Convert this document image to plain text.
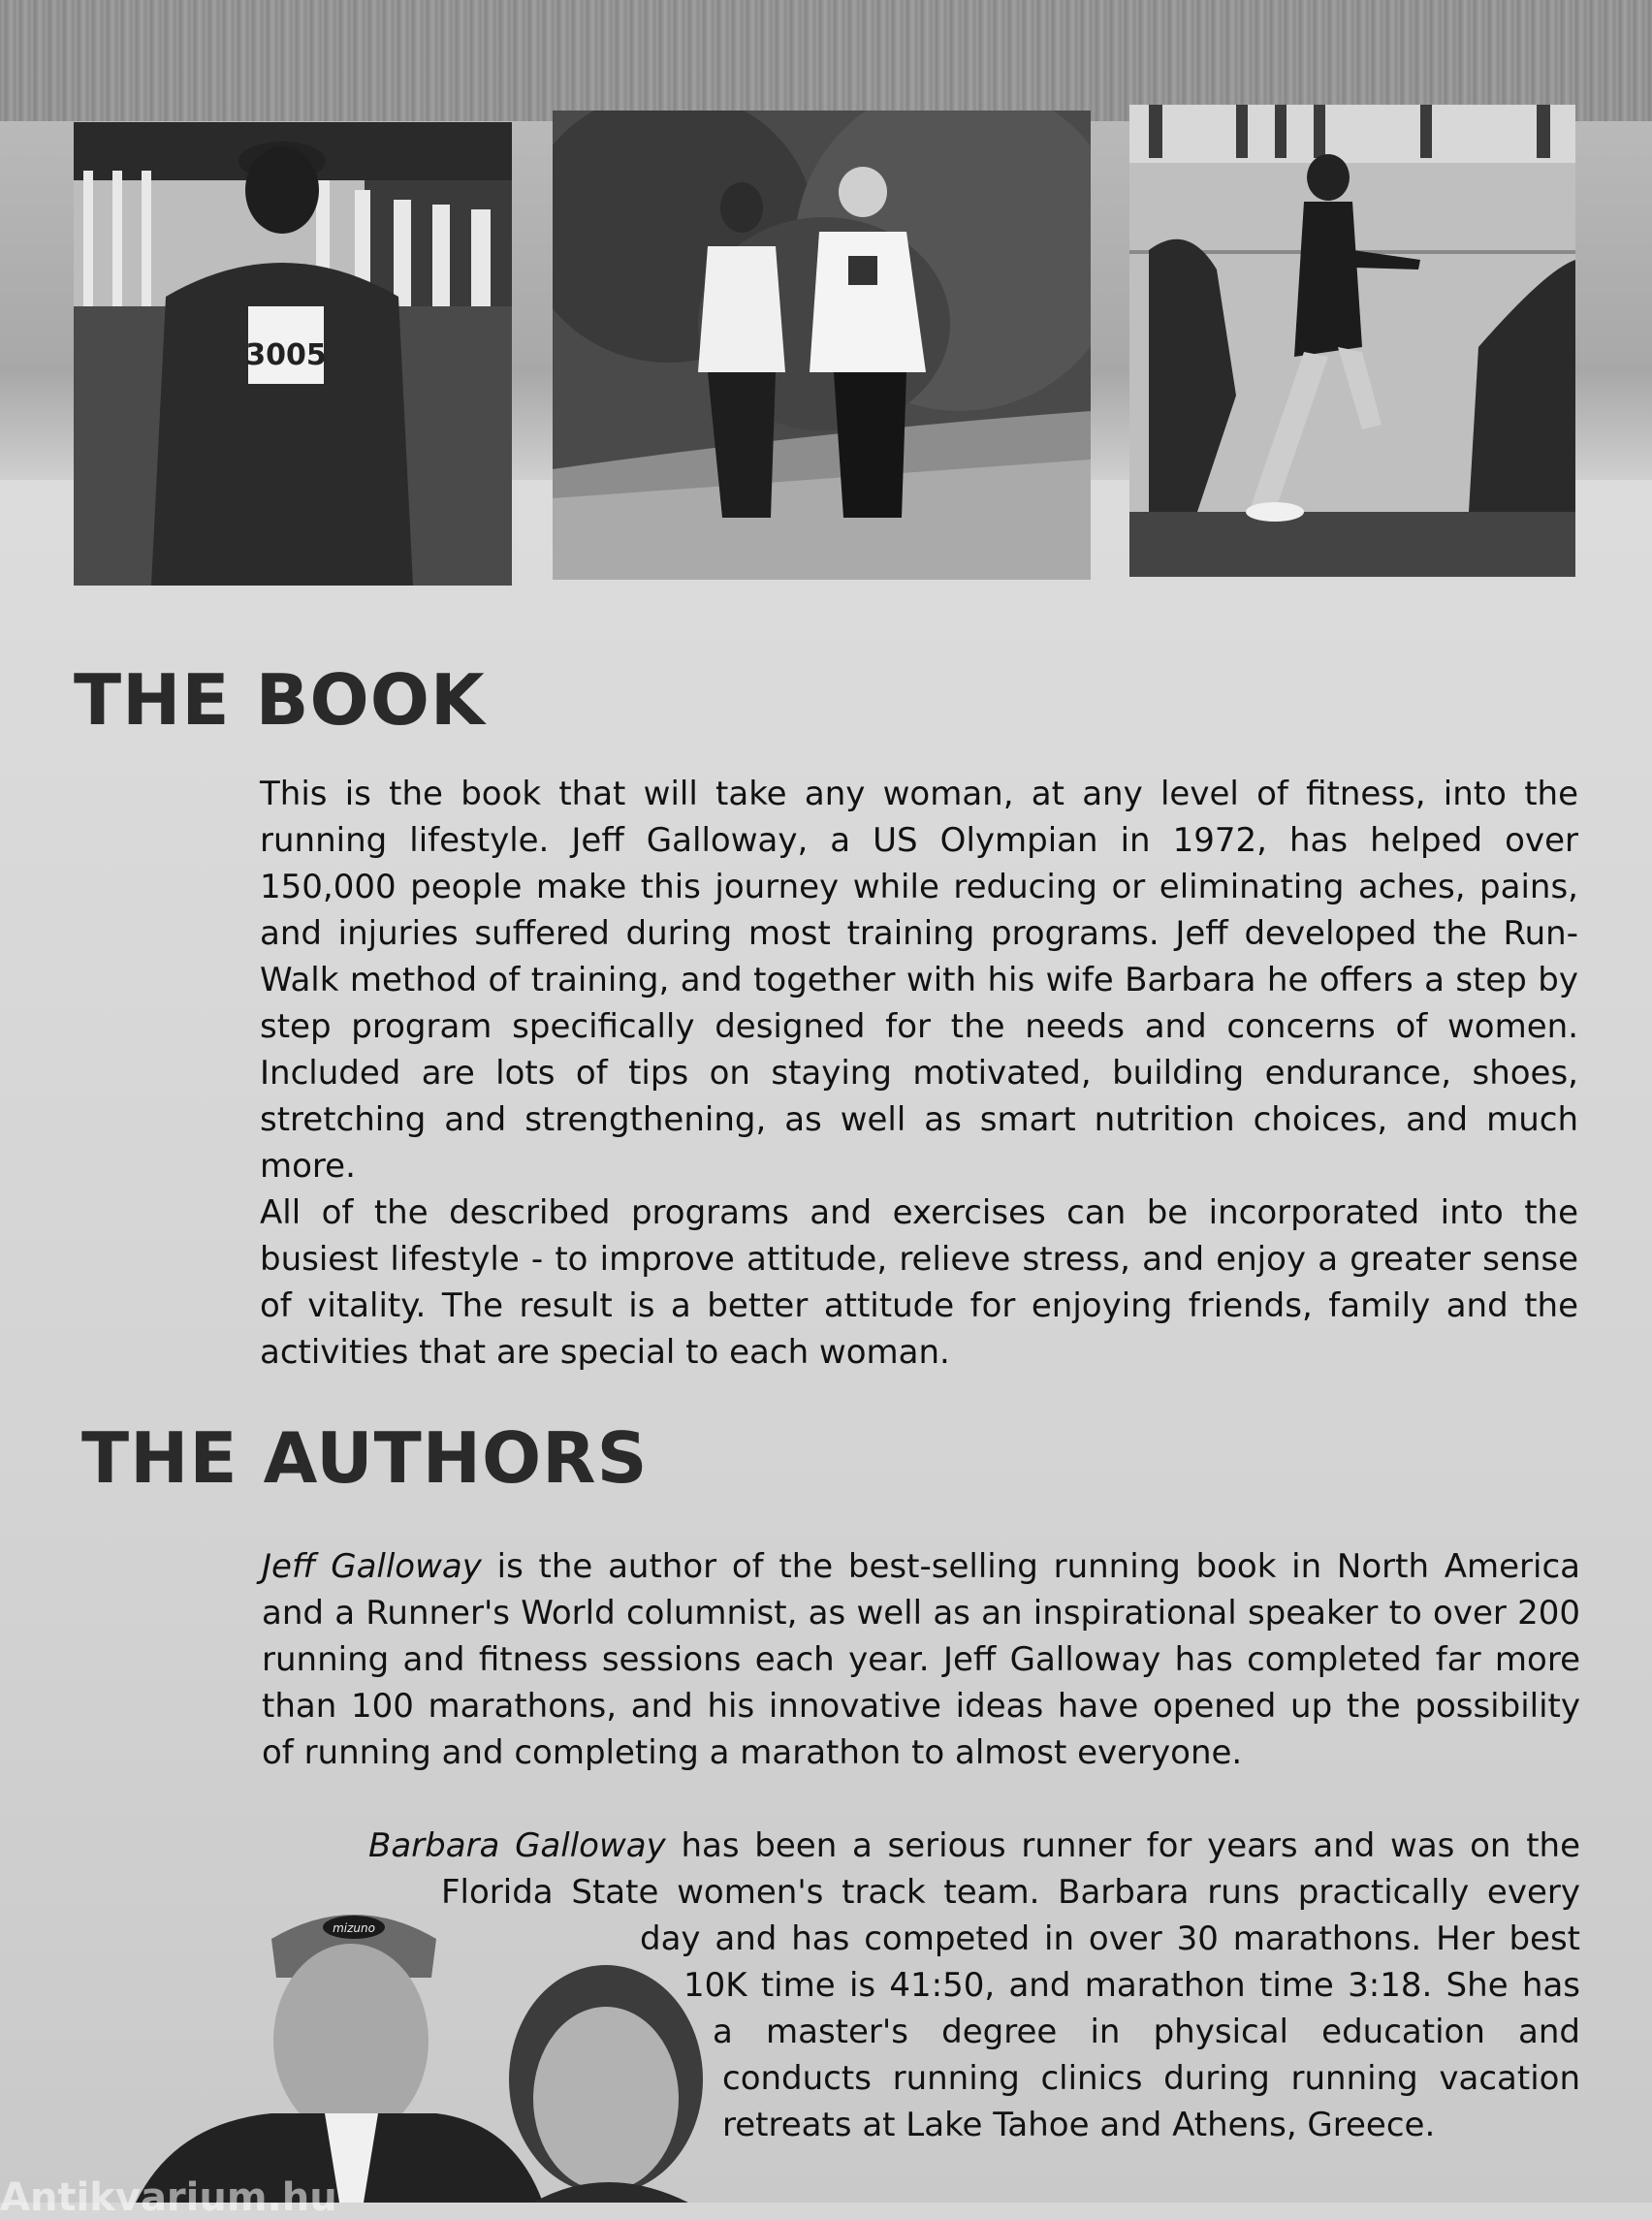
3005
THE BOOK

This is the book that will take any woman, at any level of fitness, into the running lifestyle. Jeff Galloway, a US Olympian in 1972, has helped over 150,000 people make this journey while reducing or eliminating aches, pains, and injuries suffered during most training programs. Jeff developed the Run-Walk method of training, and together with his wife Barbara he offers a step by step program specifically designed for the needs and concerns of women. Included are lots of tips on staying motivated, building endurance, shoes, stretching and strengthening, as well as smart nutrition choices, and much more.

All of the described programs and exercises can be incorporated into the busiest lifestyle - to improve attitude, relieve stress, and enjoy a greater sense of vitality. The result is a better attitude for enjoying friends, family and the activities that are special to each woman.

THE AUTHORS

Jeff Galloway is the author of the best-selling running book in North America and a Runner's World columnist, as well as an inspirational speaker to over 200 running and fitness sessions each year. Jeff Galloway has completed far more than 100 marathons, and his innovative ideas have opened up the possibility of running and completing a marathon to almost everyone.

mizuno

Barbara Galloway has been a serious runner for years and was on the Florida State women's track team. Barbara runs practically every day and has competed in over 30 marathons. Her best 10K time is 41:50, and marathon time 3:18. She has a master's degree in physical education and conducts running clinics during running vacation retreats at Lake Tahoe and Athens, Greece.

Antikvarium.hu
